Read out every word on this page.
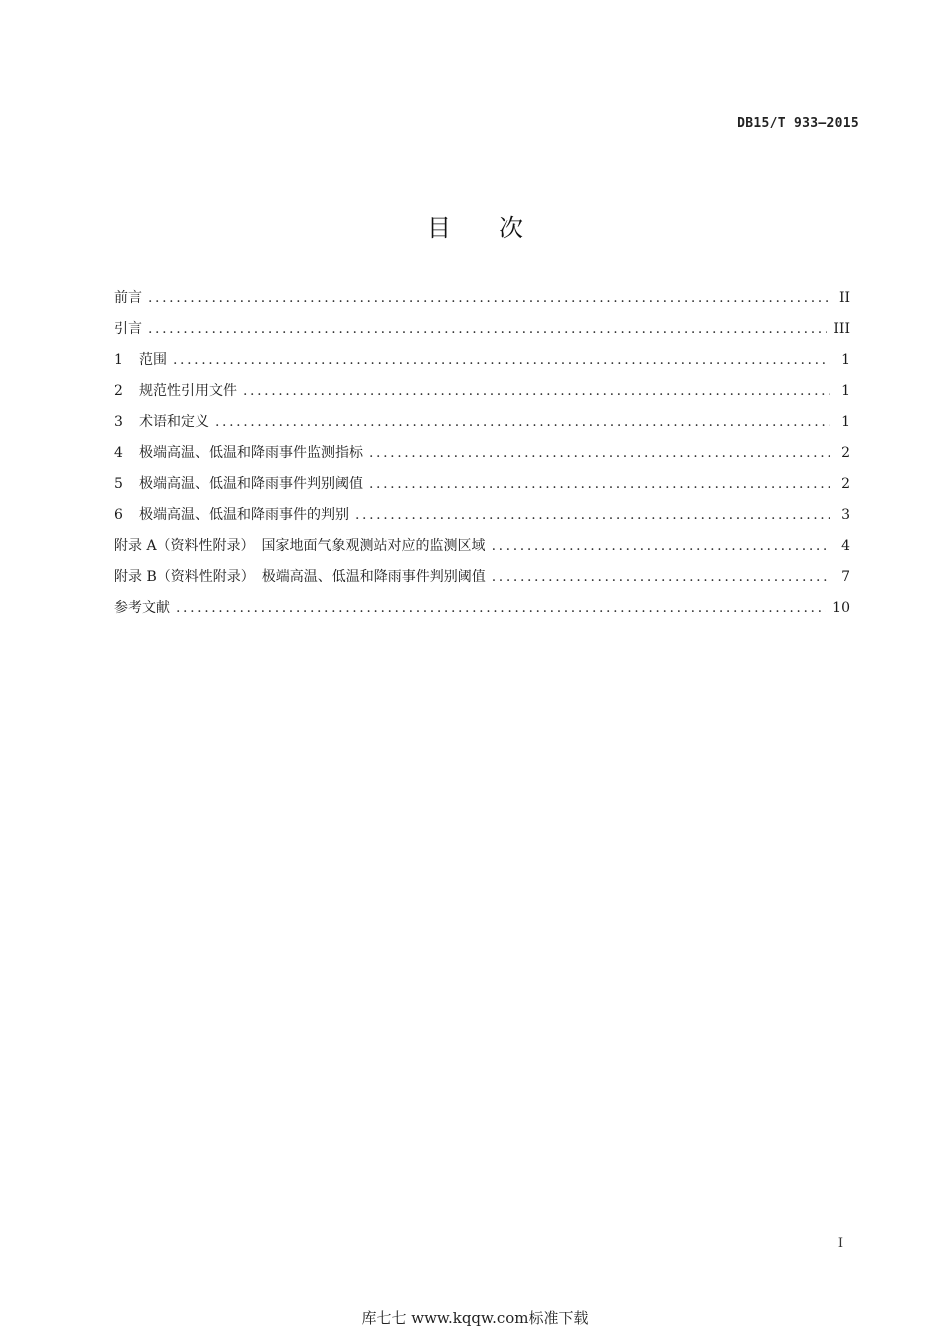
DB15/T 933—2015
目次
前言 .....	II
引言 .....	III
1	范围 .....	1
2	规范性引用文件 .....	1
3	术语和定义 .....	1
4	极端高温、低温和降雨事件监测指标 .....	2
5	极端高温、低温和降雨事件判别阈值 .....	2
6	极端高温、低温和降雨事件的判别 .....	3
附录 A（资料性附录）　国家地面气象观测站对应的监测区域 .....	4
附录 B（资料性附录）　极端高温、低温和降雨事件判别阈值 .....	7
参考文献 .....	10
I
库七七 www.kqqw.com标准下载
